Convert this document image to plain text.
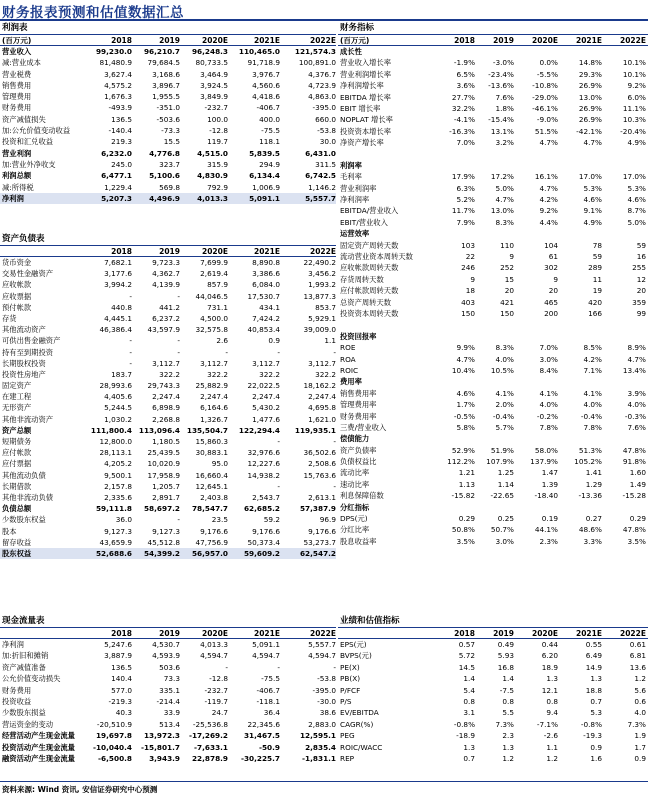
财务报表预测和估值数据汇总
利润表
(百万元)	2018	2019	2020E	2021E	2022E
营业收入	99,230.0	96,210.7	96,248.3	110,465.0	121,574.3
减:营业成本	81,480.9	79,684.5	80,733.5	91,718.9	100,891.0
营业税费	3,627.4	3,168.6	3,464.9	3,976.7	4,376.7
销售费用	4,575.2	3,896.7	3,924.5	4,560.6	4,723.9
管理费用	1,676.3	1,955.5	3,849.9	4,418.6	4,863.0
财务费用	-493.9	-351.0	-232.7	-406.7	-395.0
资产减值损失	136.5	-503.6	100.0	400.0	660.0
加:公允价值变动收益	-140.4	-73.3	-12.8	-75.5	-53.8
投资和汇兑收益	219.3	15.5	119.7	118.1	30.0
营业利润	6,232.0	4,776.8	4,515.0	5,839.5	6,431.0
加:营业外净收支	245.0	323.7	315.9	294.9	311.5
利润总额	6,477.1	5,100.6	4,830.9	6,134.4	6,742.5
减:所得税	1,229.4	569.8	792.9	1,006.9	1,146.2
净利润	5,207.3	4,496.9	4,013.3	5,091.1	5,557.7
资产负债表
2018	2019	2020E	2021E	2022E
货币资金	7,682.1	9,723.3	7,699.9	8,890.8	22,490.2
交易性金融资产	3,177.6	4,362.7	2,619.4	3,386.6	3,456.2
应收帐款	3,994.2	4,139.9	857.9	6,084.0	1,993.2
应收票据	-	-	44,046.5	17,530.7	13,877.3
预付帐款	440.8	441.2	731.1	434.1	853.7
存货	4,445.1	6,237.2	4,500.0	7,424.2	5,929.1
其他流动资产	46,386.4	43,597.9	32,575.8	40,853.4	39,009.0
可供出售金融资产	-	-	2.6	0.9	1.1
持有至到期投资	-	-	-	-	-
长期股权投资	-	3,112.7	3,112.7	3,112.7	3,112.7
投资性房地产	183.7	322.2	322.2	322.2	322.2
固定资产	28,993.6	29,743.3	25,882.9	22,022.5	18,162.2
在建工程	4,405.6	2,247.4	2,247.4	2,247.4	2,247.4
无形资产	5,244.5	6,898.9	6,164.6	5,430.2	4,695.8
其他非流动资产	1,030.2	2,268.8	1,326.7	1,477.6	1,621.0
资产总额	111,800.4 113,096.4 135,504.7	122,294.4	119,935.1
短期债务	12,800.0	1,180.5	15,860.3	-	-
应付帐款	28,113.1	25,439.5	30,883.1	32,976.6	36,502.6
应付票据	4,205.2	10,020.9	95.0	12,227.6	2,508.6
其他流动负债	9,500.1	17,958.9	16,660.4	14,938.2	15,763.6
长期借款	2,157.8	1,205.7	12,645.1	-	-
其他非流动负债	2,335.6	2,891.7	2,403.8	2,543.7	2,613.1
负债总额	59,111.8	58,697.2	78,547.7	62,685.2	57,387.9
少数股东权益	36.0	-	23.5	59.2	96.9
股本	9,127.3	9,127.3	9,176.6	9,176.6	9,176.6
留存收益	43,659.9	45,512.8	47,756.9	50,373.4	53,273.7
股东权益	52,688.6	54,399.2	56,957.0	59,609.2	62,547.2
现金流量表
2018	2019	2020E	2021E	2022E
净利润	5,247.6	4,530.7	4,013.3	5,091.1	5,557.7
加:折旧和摊销	3,887.9	4,593.9	4,594.7	4,594.7	4,594.7
资产减值准备	136.5	503.6	-	-	-
公允价值变动损失	140.4	73.3	-12.8	-75.5	-53.8
财务费用	577.0	335.1	-232.7	-406.7	-395.0
投资收益	-219.3	-214.4	-119.7	-118.1	-30.0
少数股东损益	40.3	33.9	24.7	36.4	38.6
营运资金的变动	-20,510.9	513.4	-25,536.8	22,345.6	2,883.0
经营活动产生现金流量	19,697.8	13,972.3	-17,269.2	31,467.5	12,595.1
投资活动产生现金流量	-10,040.4	-15,801.7	-7,633.1	-50.9	2,835.4
融资活动产生现金流量	-6,500.8	3,943.9	22,878.9	-30,225.7	-1,831.1
财务指标
(百万元)	2018	2019	2020E	2021E	2022E
成长性
营业收入增长率	-1.9%	-3.0%	0.0%	14.8%	10.1%
营业利润增长率	6.5%	-23.4%	-5.5%	29.3%	10.1%
净利润增长率	3.6%	-13.6%	-10.8%	26.9%	9.2%
EBITDA 增长率	27.7%	7.6%	-29.0%	13.0%	6.0%
EBIT 增长率	32.2%	1.8%	-46.1%	26.9%	11.1%
NOPLAT 增长率	-4.1%	-15.4%	-9.0%	26.9%	10.3%
投资资本增长率	-16.3%	13.1%	51.5%	-42.1%	-20.4%
净资产增长率	7.0%	3.2%	4.7%	4.7%	4.9%
利润率
毛利率	17.9%	17.2%	16.1%	17.0%	17.0%
营业利润率	6.3%	5.0%	4.7%	5.3%	5.3%
净利润率	5.2%	4.7%	4.2%	4.6%	4.6%
EBITDA/营业收入	11.7%	13.0%	9.2%	9.1%	8.7%
EBIT/营业收入	7.9%	8.3%	4.4%	4.9%	5.0%
运营效率
固定资产周转天数	103	110	104	78	59
流动营业资本周转天数	22	9	61	59	16
应收帐款周转天数	246	252	302	289	255
存货周转天数	9	15	9	11	12
应付帐款周转天数	18	20	20	19	20
总资产周转天数	403	421	465	420	359
投资资本周转天数	150	150	200	166	99
投资回报率
ROE	9.9%	8.3%	7.0%	8.5%	8.9%
ROA	4.7%	4.0%	3.0%	4.2%	4.7%
ROIC	10.4%	10.5%	8.4%	7.1%	13.4%
费用率
销售费用率	4.6%	4.1%	4.1%	4.1%	3.9%
管理费用率	1.7%	2.0%	4.0%	4.0%	4.0%
财务费用率	-0.5%	-0.4%	-0.2%	-0.4%	-0.3%
三费/营业收入	5.8%	5.7%	7.8%	7.8%	7.6%
偿债能力
资产负债率	52.9%	51.9%	58.0%	51.3%	47.8%
负债权益比	112.2%	107.9%	137.9%	105.2%	91.8%
流动比率	1.21	1.25	1.47	1.41	1.60
速动比率	1.13	1.14	1.39	1.29	1.49
利息保障倍数	-15.82	-22.65	-18.40	-13.36	-15.28
分红指标
DPS(元)	0.29	0.25	0.19	0.27	0.29
分红比率	50.8%	50.7%	44.1%	48.6%	47.8%
股息收益率	3.5%	3.0%	2.3%	3.3%	3.5%
业绩和估值指标
2018	2019	2020E	2021E	2022E
EPS(元)	0.57	0.49	0.44	0.55	0.61
BVPS(元)	5.72	5.93	6.20	6.49	6.81
PE(X)	14.5	16.8	18.9	14.9	13.6
PB(X)	1.4	1.4	1.3	1.3	1.2
P/FCF	5.4	-7.5	12.1	18.8	5.6
P/S	0.8	0.8	0.8	0.7	0.6
EV/EBITDA	3.1	5.5	9.4	5.3	4.0
CAGR(%)	-0.8%	7.3%	-7.1%	-0.8%	7.3%
PEG	-18.9	2.3	-2.6	-19.3	1.9
ROIC/WACC	1.3	1.3	1.1	0.9	1.7
REP	0.7	1.2	1.2	1.6	0.9
资料来源: Wind 资讯, 安信证券研究中心预测
